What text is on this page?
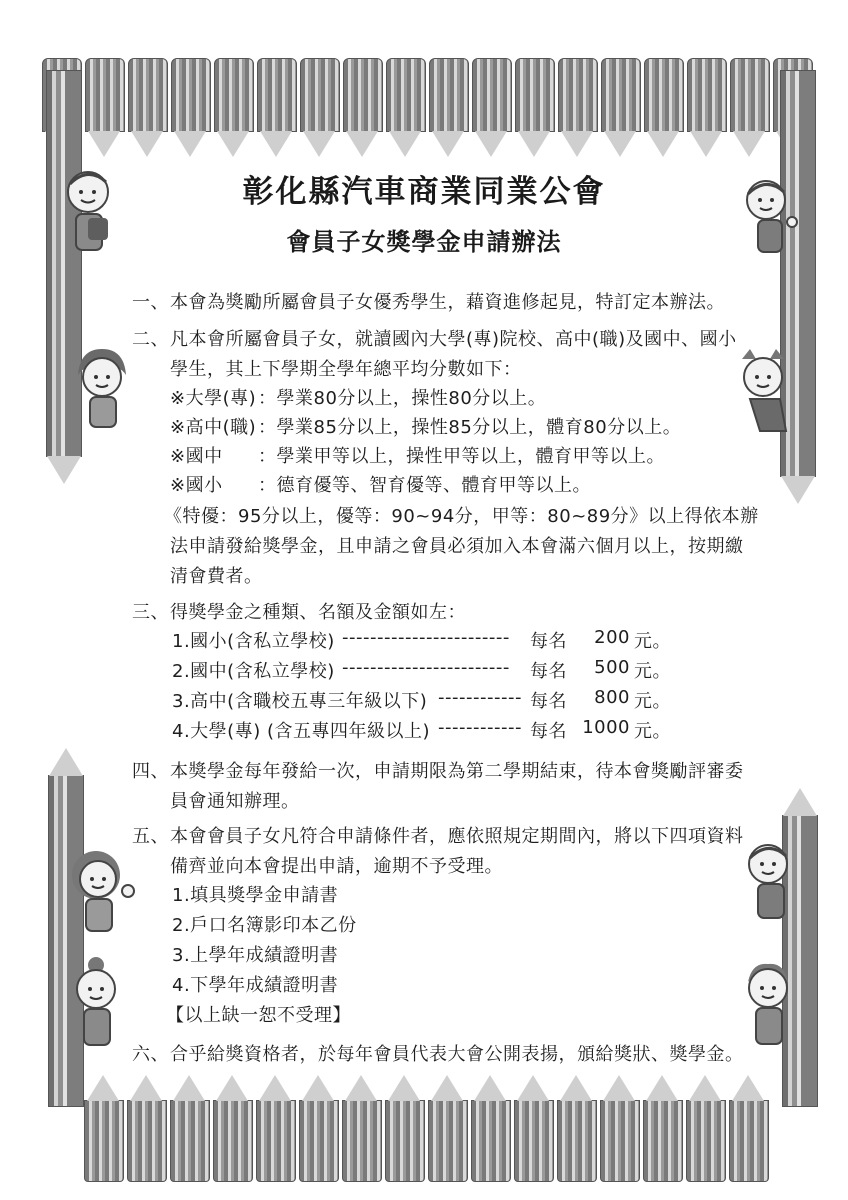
彰化縣汽車商業同業公會
會員子女獎學金申請辦法
一、 本會為獎勵所屬會員子女優秀學生，藉資進修起見，特訂定本辦法。
二、 凡本會所屬會員子女，就讀國內大學(專)院校、高中(職)及國中、國小
學生，其上下學期全學年總平均分數如下：
※大學(專) ：學業80分以上，操性80分以上。
※高中(職) ：學業85分以上，操性85分以上，體育80分以上。
※國中 ：學業甲等以上，操性甲等以上，體育甲等以上。
※國小 ：德育優等、智育優等、體育甲等以上。
《特優：95分以上，優等：90~94分，甲等：80~89分》以上得依本辦
法申請發給獎學金，且申請之會員必須加入本會滿六個月以上，按期繳
清會費者。
三、 得獎學金之種類、名額及金額如左：
1.國小(含私立學校) ------------------------ 每名	200 元。
2.國中(含私立學校) ------------------------ 每名	500 元。
3.高中(含職校五專三年級以下) ------------ 每名	800 元。
4.大學(專) (含五專四年級以上) ------------ 每名 1000 元。
四、 本獎學金每年發給一次，申請期限為第二學期結束，待本會獎勵評審委
員會通知辦理。
五、 本會會員子女凡符合申請條件者，應依照規定期間內，將以下四項資料
備齊並向本會提出申請，逾期不予受理。
1.填具獎學金申請書
2.戶口名簿影印本乙份
3.上學年成績證明書
4.下學年成績證明書
【以上缺一恕不受理】
六、 合乎給獎資格者，於每年會員代表大會公開表揚，頒給獎狀、獎學金。
